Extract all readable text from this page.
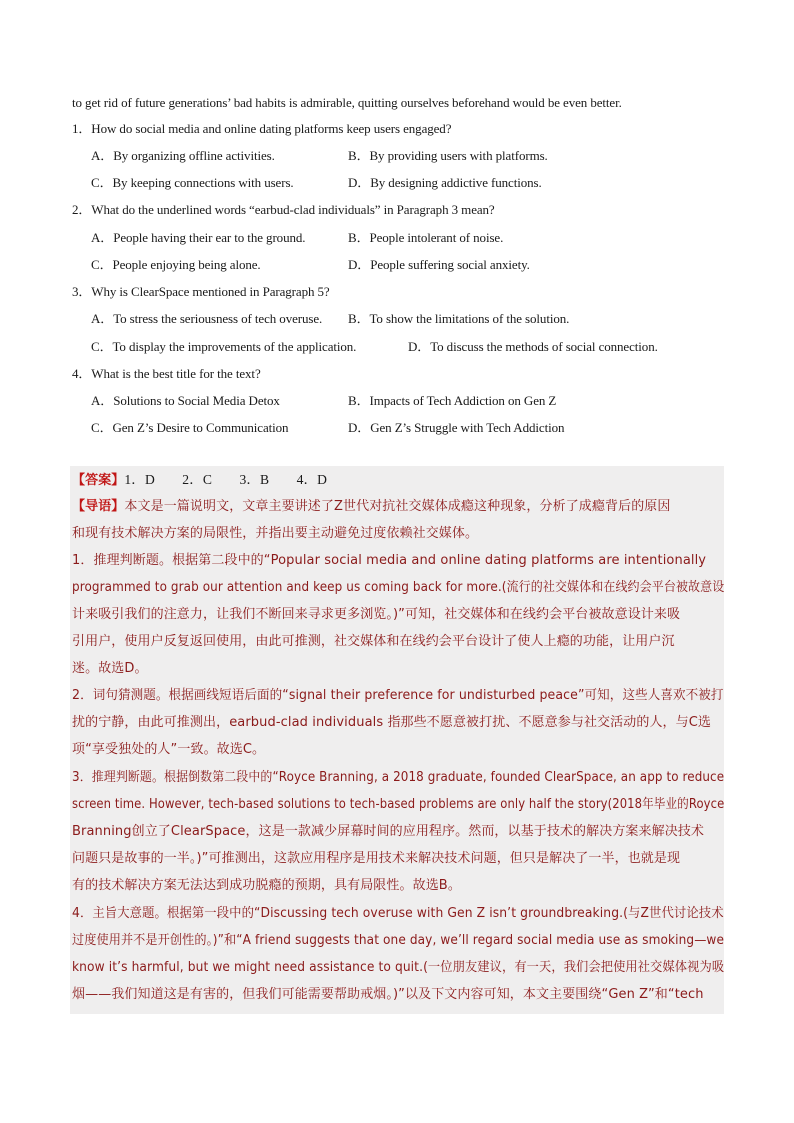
to get rid of future generations’ bad habits is admirable, quitting ourselves beforehand would be even better.
1．How do social media and online dating platforms keep users engaged?
A．By organizing offline activities.	B．By providing users with platforms.
C．By keeping connections with users.	D．By designing addictive functions.
2．What do the underlined words “earbud-clad individuals” in Paragraph 3 mean?
A．People having their ear to the ground.	B．People intolerant of noise.
C．People enjoying being alone.	D．People suffering social anxiety.
3．Why is ClearSpace mentioned in Paragraph 5?
A．To stress the seriousness of tech overuse. B．To show the limitations of the solution.
C．To display the improvements of the application.	D．To discuss the methods of social connection.
4．What is the best title for the text?
A．Solutions to Social Media Detox	B．Impacts of Tech Addiction on Gen Z
C．Gen Z’s Desire to Communication	D．Gen Z’s Struggle with Tech Addiction
【答案】1．D　　2．C　　3．B　　4．D
【导语】本文是一篇说明文，文章主要讲述了Z世代对抗社交媒体成瘾这种现象，分析了成瘾背后的原因
和现有技术解决方案的局限性，并指出要主动避免过度依赖社交媒体。
1．推理判断题。根据第二段中的“Popular social media and online dating platforms are intentionally
programmed to grab our attention and keep us coming back for more.(流行的社交媒体和在线约会平台被故意设
计来吸引我们的注意力，让我们不断回来寻求更多浏览。)”可知，社交媒体和在线约会平台被故意设计来吸
引用户，使用户反复返回使用，由此可推测，社交媒体和在线约会平台设计了使人上瘾的功能，让用户沉
迷。故选D。
2．词句猜测题。根据画线短语后面的“signal their preference for undisturbed peace”可知，这些人喜欢不被打
扰的宁静，由此可推测出，earbud-clad individuals 指那些不愿意被打扰、不愿意参与社交活动的人，与C选
项“享受独处的人”一致。故选C。
3．推理判断题。根据倒数第二段中的“Royce Branning, a 2018 graduate, founded ClearSpace, an app to reduce
screen time. However, tech-based solutions to tech-based problems are only half the story(2018年毕业的Royce
Branning创立了ClearSpace，这是一款减少屏幕时间的应用程序。然而，以基于技术的解决方案来解决技术
问题只是故事的一半。)”可推测出，这款应用程序是用技术来解决技术问题，但只是解决了一半，也就是现
有的技术解决方案无法达到成功脱瘾的预期，具有局限性。故选B。
4．主旨大意题。根据第一段中的“Discussing tech overuse with Gen Z isn’t groundbreaking.(与Z世代讨论技术
过度使用并不是开创性的。)”和“A friend suggests that one day, we’ll regard social media use as smoking—we
know it’s harmful, but we might need assistance to quit.(一位朋友建议，有一天，我们会把使用社交媒体视为吸
烟——我们知道这是有害的，但我们可能需要帮助戒烟。)”以及下文内容可知，本文主要围绕“Gen Z”和“tech
